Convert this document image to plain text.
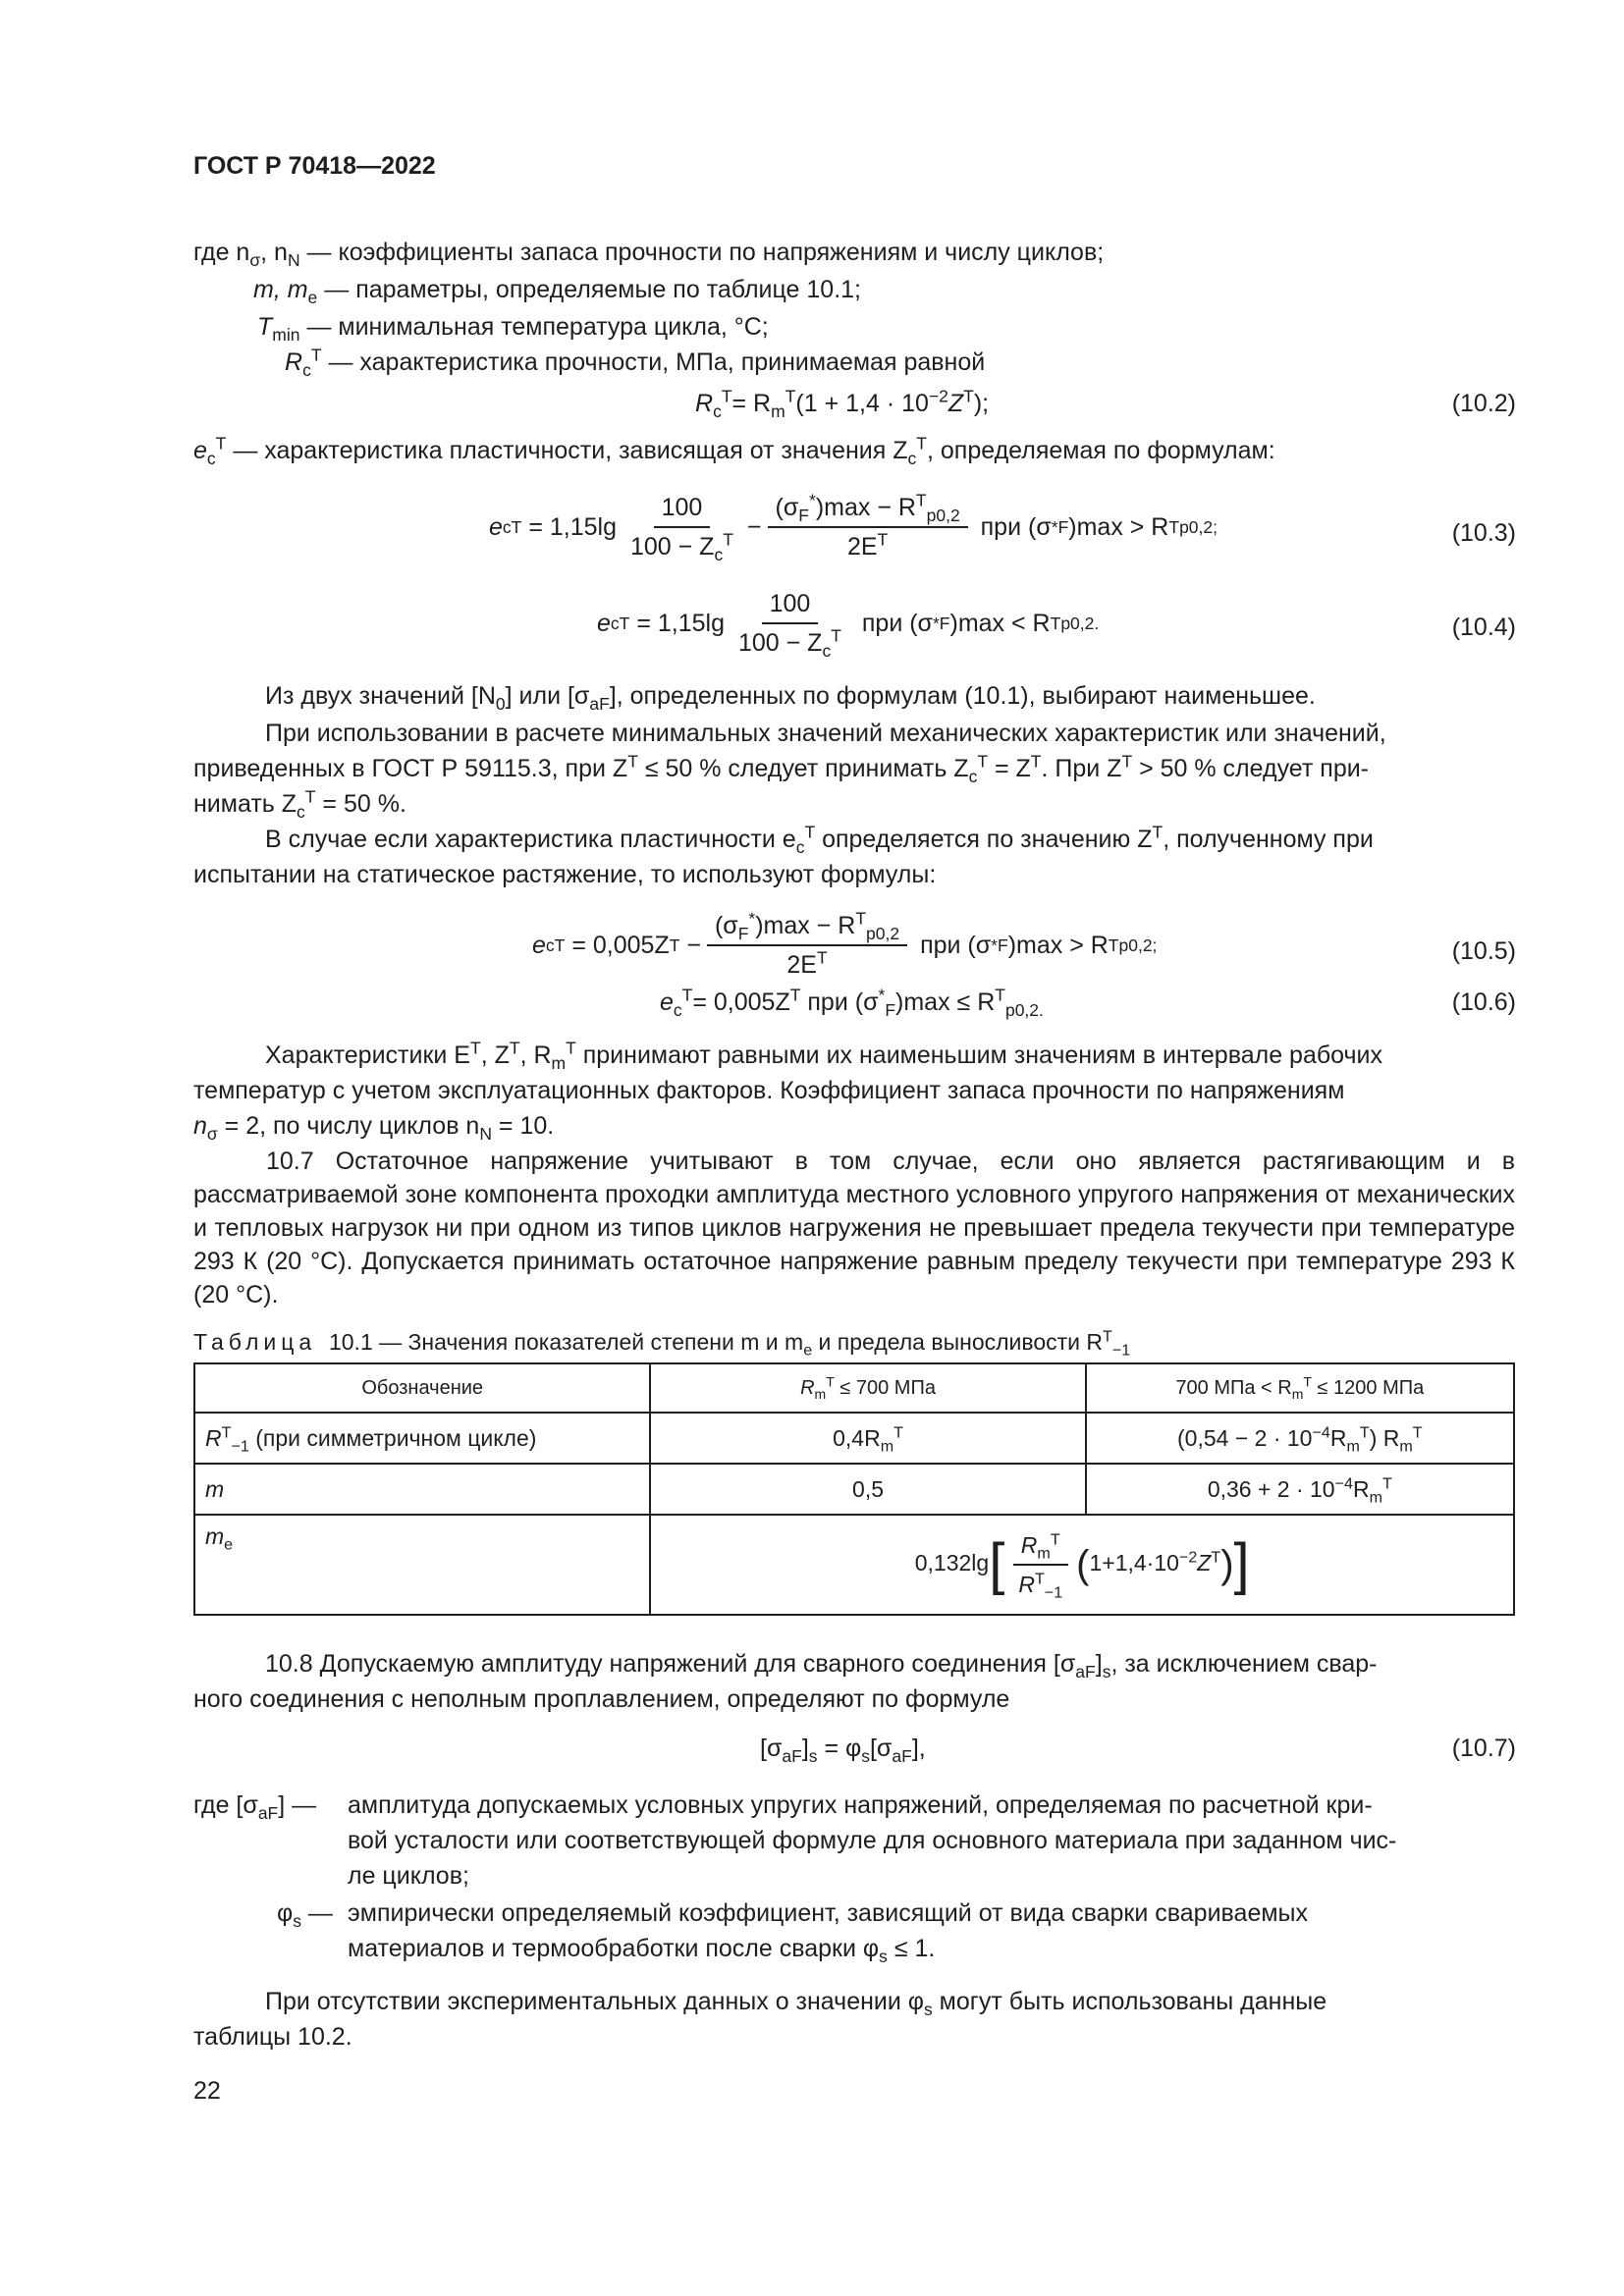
ГОСТ Р 70418—2022
где $n_\sigma$, $n_N$ — коэффициенты запаса прочности по напряжениям и числу циклов;
m, $m_e$ — параметры, определяемые по таблице 10.1;
$T_{min}$ — минимальная температура цикла, °С;
$R_c^T$ — характеристика прочности, МПа, принимаемая равной
$R_c^T= R_m^T(1 + 1,4 \cdot 10^{-2}Z^T)$;	(10.2)
$e_c^T$ — характеристика пластичности, зависящая от значения $Z_c^T$, определяемая по формулам:
e c T
= $1,15\lg \frac{100}{100 - Z_c^T} - \frac{(\sigma_F^*)\max - R^T_{p0,2}}{2E^T}$
при (σ * F )max > R T p0,2;	(10.3)
e c T
= $1,15\lg \frac{100}{100 - Z_c^T}$
при (σ * F )max < R T p0,2.	(10.4)
Из двух значений $[N_0]$ или $[\sigma_{aF}]$, определенных по формулам (10.1), выбирают наименьшее.
При использовании в расчете минимальных значений механических характеристик или значений,
приведенных в ГОСТ Р 59115.3, при $Z^T \le 50$ % следует принимать $Z_c^T = Z^T$. При $Z^T > 50$ % следует при-
нимать $Z_c^T = 50$ %.
В случае если характеристика пластичности $e_c^T$ определяется по значению $Z^T$, полученному при
испытании на статическое растяжение, то используют формулы:
e c T
= 0,005Z $T - \frac{(\sigma_F^*)\max - R^T_{p0,2}}{2E^T}$
при (σ * F )max > R T p0,2;	(10.5)
$e_c^T= 0,005Z^T$ при $(\sigma^*_F)\max \le R^T_{p0,2.}$	(10.6)
Характеристики $E^T$, $Z^T$, $R_m^T$ принимают равными их наименьшим значениям в интервале рабочих
температур с учетом эксплуатационных факторов. Коэффициент запаса прочности по напряжениям
$n_\sigma = 2$, по числу циклов $n_N = 10$.
10.7 Остаточное напряжение учитывают в том случае, если оно является растягивающим и в рассматриваемой зоне компонента проходки амплитуда местного условного упругого напряжения от механических и тепловых нагрузок ни при одном из типов циклов нагружения не превышает предела текучести при температуре 293 К (20 °С). Допускается принимать остаточное напряжение равным пределу текучести при температуре 293 К (20 °С).
Таблица 10.1 — Значения показателей степени m и $m_e$ и предела выносливости $R^T_{-1}$
Обозначение	$R_m^T \le 700$ МПа	700 МПа < $R_m^T \le 1200$ МПа
$R^T_{-1}$ (при симметричном цикле)	$0,4R_m^T$	$(0,54 - 2 \cdot 10^{-4}R_m^T)$ $R_m^T$
m	0,5	$0,36 + 2 \cdot 10^{-4}R_m^T$
$m_e$	$0,132\lg[ \frac{R_m^T}{R^T_{-1}} (1+1,4\cdot 10^{-2}Z^T)]$	
10.8 Допускаемую амплитуду напряжений для сварного соединения $[\sigma_{aF}]_s$, за исключением свар-
ного соединения с неполным проплавлением, определяют по формуле
$[\sigma_{aF}]_s = \varphi_s[\sigma_{aF}]$,	(10.7)
где $[\sigma_{aF}]$ — амплитуда допускаемых условных упругих напряжений, определяемая по расчетной кри-
вой усталости или соответствующей формуле для основного материала при заданном чис-
ле циклов;
$\varphi_s$ — эмпирически определяемый коэффициент, зависящий от вида сварки свариваемых
материалов и термообработки после сварки $\varphi_s \le 1$.
При отсутствии экспериментальных данных о значении $\varphi_s$ могут быть использованы данные
таблицы 10.2.
22
